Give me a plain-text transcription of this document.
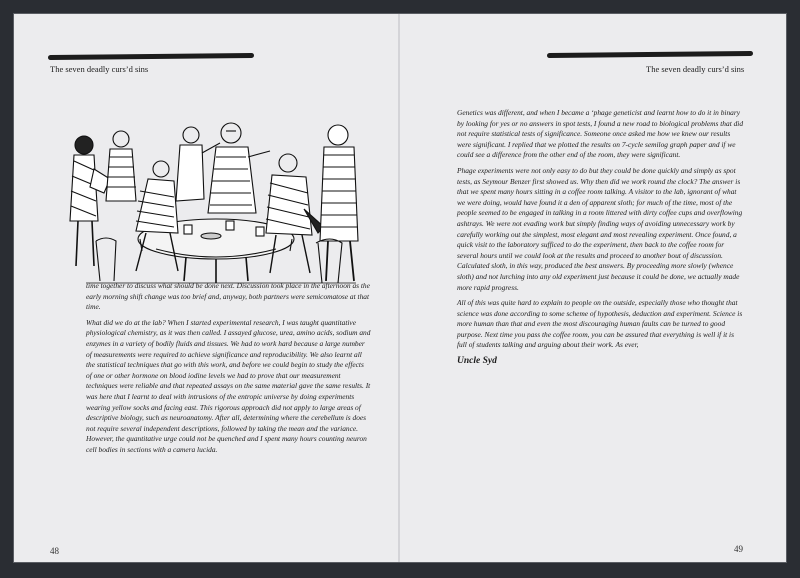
The seven deadly curs’d sins

time together to discuss what should be done next. Discussion took place in the afternoon as the early morning shift change was too brief and, anyway, both partners were semicomatose at that time.

What did we do at the lab? When I started experimental research, I was taught quantitative physiological chemistry, as it was then called. I assayed glucose, urea, amino acids, sodium and enzymes in a variety of bodily fluids and tissues. We had to work hard because a large number of measurements were required to achieve significance and reproducibility. We also learnt all the statistical techniques that go with this work, and before we could begin to study the effects of one or other hormone on blood iodine levels we had to prove that our measurement techniques were reliable and that repeated assays on the same material gave the same results. It was here that I learnt to deal with intrusions of the entropic universe by doing experiments wearing yellow socks and facing east. This rigorous approach did not apply to large areas of descriptive biology, such as neuroanatomy. After all, determining where the cerebellum is does not require several independent descriptions, followed by taking the mean and the variance. However, the quantitative urge could not be quenched and I spent many hours counting neuron cell bodies in sections with a camera lucida.

48
The seven deadly curs’d sins

Genetics was different, and when I became a ‘phage geneticist and learnt how to do it in binary by looking for yes or no answers in spot tests, I found a new road to biological problems that did not require statistical tests of significance. Someone once asked me how we knew our results were significant. I replied that we plotted the results on 7-cycle semilog graph paper and if we could see a difference from the other end of the room, they were significant.

Phage experiments were not only easy to do but they could be done quickly and simply as spot tests, as Seymour Benzer first showed us. Why then did we work round the clock? The answer is that we spent many hours sitting in a coffee room talking. A visitor to the lab, ignorant of what we were doing, would have found it a den of apparent sloth; for much of the time, most of the people seemed to be engaged in talking in a room littered with dirty coffee cups and overflowing ashtrays. We were not evading work but simply finding ways of avoiding unnecessary work by carefully working out the simplest, most elegant and most revealing experiment. Once found, a quick visit to the laboratory sufficed to do the experiment, then back to the coffee room for several hours until we could look at the results and proceed to another bout of discussion. Calculated sloth, in this way, produced the best answers. By proceeding more slowly (whence sloth) and not lurching into any old experiment just because it could be done, we actually made more rapid progress.

All of this was quite hard to explain to people on the outside, especially those who thought that science was done according to some scheme of hypothesis, deduction and experiment. Science is more human than that and even the most discouraging human faults can be turned to good purpose. Next time you pass the coffee room, you can be assured that everything is well if it is full of students talking and arguing about their work. As ever,

Uncle Syd
49
